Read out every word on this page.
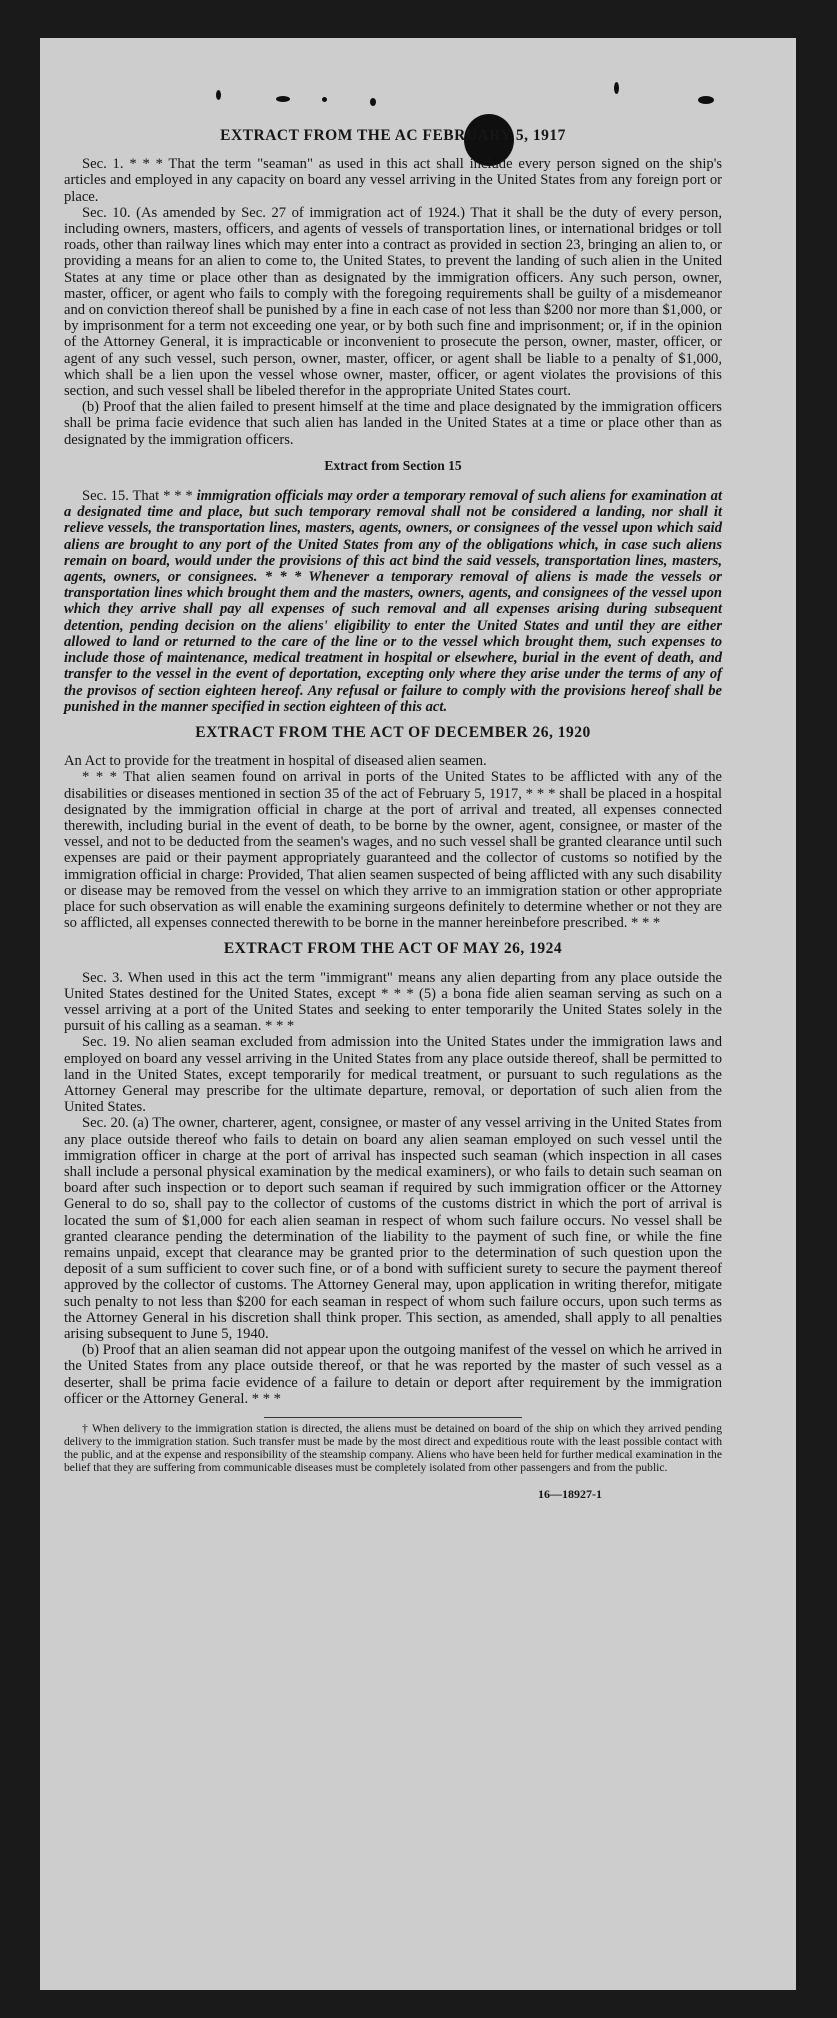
EXTRACT FROM THE AC FEBRUARY 5, 1917

Sec. 1. * * * That the term "seaman" as used in this act shall include every person signed on the ship's articles and employed in any capacity on board any vessel arriving in the United States from any foreign port or place.

Sec. 10. (As amended by Sec. 27 of immigration act of 1924.) That it shall be the duty of every person, including owners, masters, officers, and agents of vessels of transportation lines, or international bridges or toll roads, other than railway lines which may enter into a contract as provided in section 23, bringing an alien to, or providing a means for an alien to come to, the United States, to prevent the landing of such alien in the United States at any time or place other than as designated by the immigration officers. Any such person, owner, master, officer, or agent who fails to comply with the foregoing requirements shall be guilty of a misdemeanor and on conviction thereof shall be punished by a fine in each case of not less than $200 nor more than $1,000, or by imprisonment for a term not exceeding one year, or by both such fine and imprisonment; or, if in the opinion of the Attorney General, it is impracticable or inconvenient to prosecute the person, owner, master, officer, or agent of any such vessel, such person, owner, master, officer, or agent shall be liable to a penalty of $1,000, which shall be a lien upon the vessel whose owner, master, officer, or agent violates the provisions of this section, and such vessel shall be libeled therefor in the appropriate United States court.

(b) Proof that the alien failed to present himself at the time and place designated by the immigration officers shall be prima facie evidence that such alien has landed in the United States at a time or place other than as designated by the immigration officers.

Extract from Section 15

Sec. 15. That * * * immigration officials may order a temporary removal of such aliens for examination at a designated time and place, but such temporary removal shall not be considered a landing, nor shall it relieve vessels, the transportation lines, masters, agents, owners, or consignees of the vessel upon which said aliens are brought to any port of the United States from any of the obligations which, in case such aliens remain on board, would under the provisions of this act bind the said vessels, transportation lines, masters, agents, owners, or consignees. * * * Whenever a temporary removal of aliens is made the vessels or transportation lines which brought them and the masters, owners, agents, and consignees of the vessel upon which they arrive shall pay all expenses of such removal and all expenses arising during subsequent detention, pending decision on the aliens' eligibility to enter the United States and until they are either allowed to land or returned to the care of the line or to the vessel which brought them, such expenses to include those of maintenance, medical treatment in hospital or elsewhere, burial in the event of death, and transfer to the vessel in the event of deportation, excepting only where they arise under the terms of any of the provisos of section eighteen hereof. Any refusal or failure to comply with the provisions hereof shall be punished in the manner specified in section eighteen of this act.

EXTRACT FROM THE ACT OF DECEMBER 26, 1920

An Act to provide for the treatment in hospital of diseased alien seamen.

* * * That alien seamen found on arrival in ports of the United States to be afflicted with any of the disabilities or diseases mentioned in section 35 of the act of February 5, 1917, * * * shall be placed in a hospital designated by the immigration official in charge at the port of arrival and treated, all expenses connected therewith, including burial in the event of death, to be borne by the owner, agent, consignee, or master of the vessel, and not to be deducted from the seamen's wages, and no such vessel shall be granted clearance until such expenses are paid or their payment appropriately guaranteed and the collector of customs so notified by the immigration official in charge: Provided, That alien seamen suspected of being afflicted with any such disability or disease may be removed from the vessel on which they arrive to an immigration station or other appropriate place for such observation as will enable the examining surgeons definitely to determine whether or not they are so afflicted, all expenses connected therewith to be borne in the manner hereinbefore prescribed. * * *

EXTRACT FROM THE ACT OF MAY 26, 1924

Sec. 3. When used in this act the term "immigrant" means any alien departing from any place outside the United States destined for the United States, except * * * (5) a bona fide alien seaman serving as such on a vessel arriving at a port of the United States and seeking to enter temporarily the United States solely in the pursuit of his calling as a seaman. * * *

Sec. 19. No alien seaman excluded from admission into the United States under the immigration laws and employed on board any vessel arriving in the United States from any place outside thereof, shall be permitted to land in the United States, except temporarily for medical treatment, or pursuant to such regulations as the Attorney General may prescribe for the ultimate departure, removal, or deportation of such alien from the United States.

Sec. 20. (a) The owner, charterer, agent, consignee, or master of any vessel arriving in the United States from any place outside thereof who fails to detain on board any alien seaman employed on such vessel until the immigration officer in charge at the port of arrival has inspected such seaman (which inspection in all cases shall include a personal physical examination by the medical examiners), or who fails to detain such seaman on board after such inspection or to deport such seaman if required by such immigration officer or the Attorney General to do so, shall pay to the collector of customs of the customs district in which the port of arrival is located the sum of $1,000 for each alien seaman in respect of whom such failure occurs. No vessel shall be granted clearance pending the determination of the liability to the payment of such fine, or while the fine remains unpaid, except that clearance may be granted prior to the determination of such question upon the deposit of a sum sufficient to cover such fine, or of a bond with sufficient surety to secure the payment thereof approved by the collector of customs. The Attorney General may, upon application in writing therefor, mitigate such penalty to not less than $200 for each seaman in respect of whom such failure occurs, upon such terms as the Attorney General in his discretion shall think proper. This section, as amended, shall apply to all penalties arising subsequent to June 5, 1940.

(b) Proof that an alien seaman did not appear upon the outgoing manifest of the vessel on which he arrived in the United States from any place outside thereof, or that he was reported by the master of such vessel as a deserter, shall be prima facie evidence of a failure to detain or deport after requirement by the immigration officer or the Attorney General. * * *

† When delivery to the immigration station is directed, the aliens must be detained on board of the ship on which they arrived pending delivery to the immigration station. Such transfer must be made by the most direct and expeditious route with the least possible contact with the public, and at the expense and responsibility of the steamship company. Aliens who have been held for further medical examination in the belief that they are suffering from communicable diseases must be completely isolated from other passengers and from the public.

16—18927-1
